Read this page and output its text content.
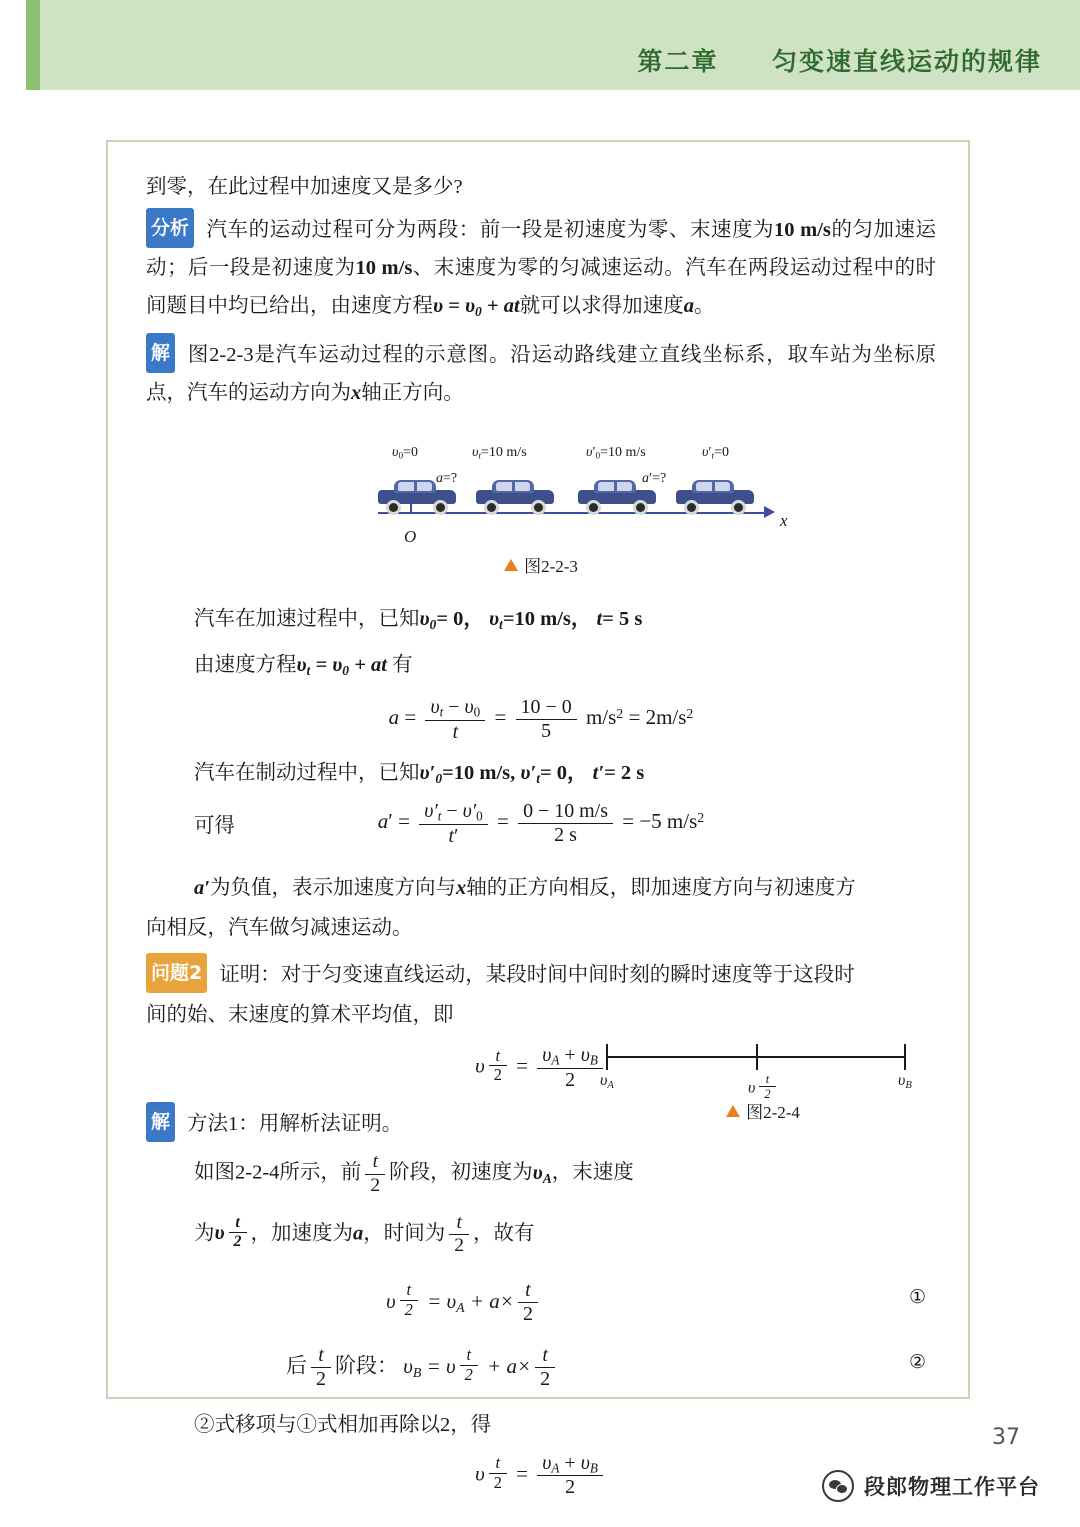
第二章 匀变速直线运动的规律

到零，在此过程中加速度又是多少?

分析 汽车的运动过程可分为两段：前一段是初速度为零、末速度为10 m/s的匀加速运动；后一段是初速度为10 m/s、末速度为零的匀减速运动。汽车在两段运动过程中的时间题目中均已给出，由速度方程$\upsilon = \upsilon_0$ + at就可以求得加速度a。

解 图2-2-3是汽车运动过程的示意图。沿运动路线建立直线坐标系，取车站为坐标原点，汽车的运动方向为x轴正方向。

$\upsilon_0=0$	$\upsilon_t=10$ m/s
a=?
$\upsilon'_0=10$ m/s
a′=?
$\upsilon'_t=0$
x
O
图2-2-3

汽车在加速过程中，已知$\upsilon_0= 0$， $\upsilon_t=10$ m/s， t= 5 s

由速度方程$\upsilon_t = \upsilon_0$ + at 有

$a = \frac{\upsilon_t - \upsilon_0}{t} = \frac{10 - 0}{5} m/s^2 = 2m/s^2$

汽车在制动过程中，已知$\upsilon'_0=10$ m/s, $\upsilon'_t= 0$， t′= 2 s

可得	$a' = \frac{\upsilon'_t - \upsilon'_0}{t'} = \frac{0 - 10 m/s}{2 s} = -5$ $m/s^2$

a′为负值，表示加速度方向与x轴的正方向相反，即加速度方向与初速度方

向相反，汽车做匀减速运动。

问题2 证明：对于匀变速直线运动，某段时间中间时刻的瞬时速度等于这段时

间的始、末速度的算术平均值，即

υ $_{\frac{t}{2}} = \frac{\upsilon_A + \upsilon_B}{2}$

解 方法1：用解析法证明。

如图2-2-4所示，前 $\frac{t}{2}$ 阶段，初速度为$\upsilon_A$，末速度

为υ $_{\frac{t}{2}}$ ，加速度为a，时间为 $\frac{t}{2}$ ，故有

υ $_{\frac{t}{2}} = \upsilon_A + a\times \frac{t}{2}$	①
后 $\frac{t}{2}$ 阶段： $\upsilon_B = \upsilon$ $_{\frac{t}{2}} + a\times \frac{t}{2}$	②

②式移项与①式相加再除以2，得

υ $_{\frac{t}{2}} = \frac{\upsilon_A + \upsilon_B}{2}$
$\upsilon_A$	υ $_{\frac{t}{2}}$	$\upsilon_B$
图2-2-4
37
段郎物理工作平台
